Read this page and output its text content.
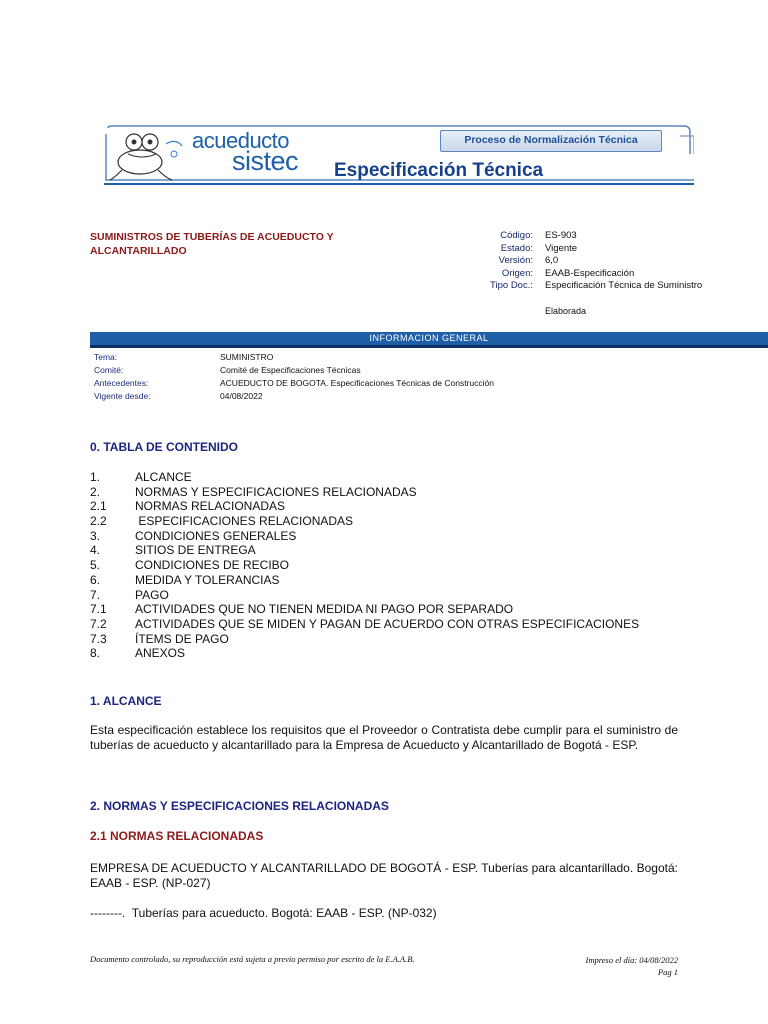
acueducto
sistec
Proceso de Normalización Técnica
Especificación Técnica
SUMINISTROS DE TUBERÍAS DE ACUEDUCTO Y ALCANTARILLADO
Código:	ES-903
Estado:	Vigente
Versión:	6,0
Origen:	EAAB-Especificación
Tipo Doc.:	Especificación Técnica de Suministro
Elaborada
INFORMACION GENERAL
Tema:	SUMINISTRO
Comité:	Comité de Especificaciones Técnicas
Antecedentes:	ACUEDUCTO DE BOGOTA. Especificaciones Técnicas de Construcción
Vigente desde:	04/08/2022
0. TABLA DE CONTENIDO
1.	ALCANCE
2.	NORMAS Y ESPECIFICACIONES RELACIONADAS
2.1	NORMAS RELACIONADAS
2.2	ESPECIFICACIONES RELACIONADAS
3.	CONDICIONES GENERALES
4.	SITIOS DE ENTREGA
5.	CONDICIONES DE RECIBO
6.	MEDIDA Y TOLERANCIAS
7.	PAGO
7.1	ACTIVIDADES QUE NO TIENEN MEDIDA NI PAGO POR SEPARADO
7.2	ACTIVIDADES QUE SE MIDEN Y PAGAN DE ACUERDO CON OTRAS ESPECIFICACIONES
7.3	ÍTEMS DE PAGO
8.	ANEXOS
1. ALCANCE
Esta especificación establece los requisitos que el Proveedor o Contratista debe cumplir para el suministro de tuberías de acueducto y alcantarillado para la Empresa de Acueducto y Alcantarillado de Bogotá - ESP.
2. NORMAS Y ESPECIFICACIONES RELACIONADAS
2.1 NORMAS RELACIONADAS
EMPRESA DE ACUEDUCTO Y ALCANTARILLADO DE BOGOTÁ - ESP. Tuberías para alcantarillado. Bogotá: EAAB - ESP. (NP-027)
--------.  Tuberías para acueducto. Bogotá: EAAB - ESP. (NP-032)
Documento controlado, su reproducción está sujeta a previo permiso por escrito de la E.A.A.B.	Impreso el día: 04/08/2022
Pag 1
